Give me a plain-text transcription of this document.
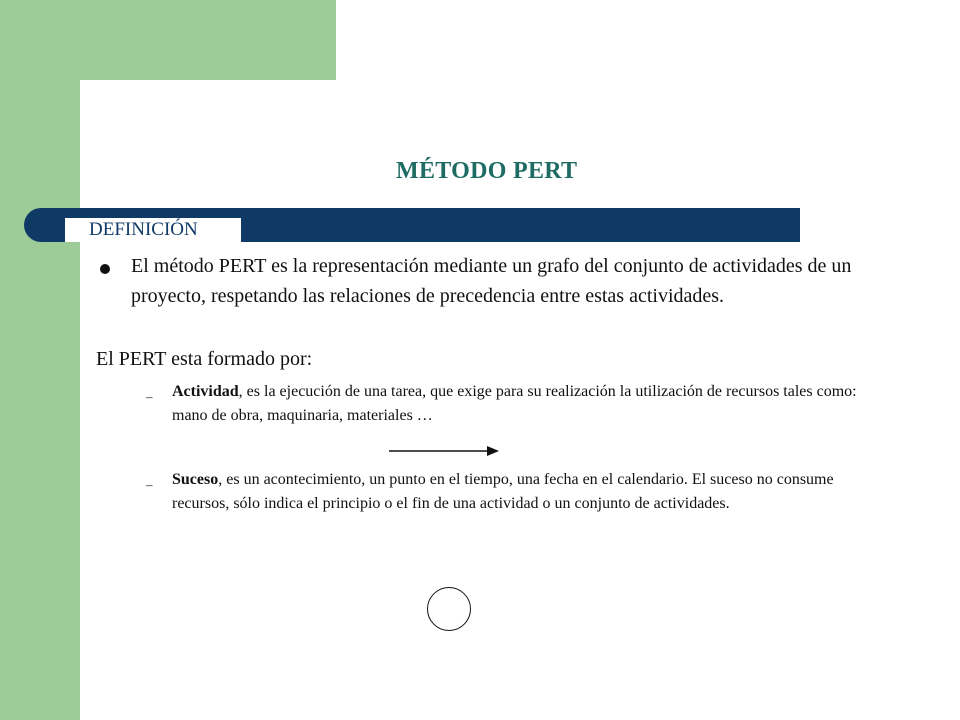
MÉTODO PERT
DEFINICIÓN
El método PERT es la representación mediante un grafo del conjunto de actividades de un proyecto, respetando las relaciones de precedencia entre estas actividades.
El PERT esta formado por:
– Actividad, es la ejecución de una tarea, que exige para su realización la utilización de recursos tales como: mano de obra, maquinaria, materiales …
– Suceso, es un acontecimiento, un punto en el tiempo, una fecha en el calendario. El suceso no consume recursos, sólo indica el principio o el fin de una actividad o un conjunto de actividades.
